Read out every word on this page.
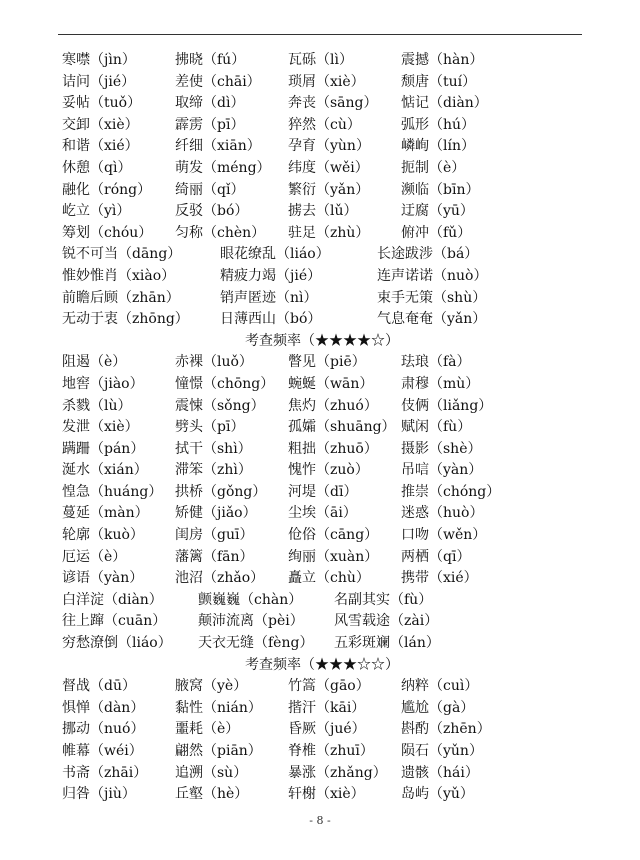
寒噤（jìn）	拂晓（fú）	瓦砾（lì）	震撼（hàn）
诘问（jié）	差使（chāi）	琐屑（xiè）	颓唐（tuí）
妥帖（tuǒ）	取缔（dì）	奔丧（sāng）	惦记（diàn）
交卸（xiè）	霹雳（pī）	猝然（cù）	弧形（hú）
和谐（xié）	纤细（xiān）	孕育（yùn）	嶙峋（lín）
休憩（qì）	萌发（méng）	纬度（wěi）	扼制（è）
融化（róng）	绮丽（qǐ）	繁衍（yǎn）	濒临（bīn）
屹立（yì）	反驳（bó）	掳去（lǔ）	迂腐（yū）
筹划（chóu）	匀称（chèn）	驻足（zhù）	俯冲（fǔ）
锐不可当（dāng）	眼花缭乱（liáo）	长途跋涉（bá）
惟妙惟肖（xiào）	精疲力竭（jié）	连声诺诺（nuò）
前瞻后顾（zhān）	销声匿迹（nì）	束手无策（shù）
无动于衷（zhōng）	日薄西山（bó）	气息奄奄（yǎn）
考查频率（★★★★☆）
阻遏（è）	赤裸（luǒ）	瞥见（piē）	珐琅（fà）
地窖（jiào）	憧憬（chōng） 蜿蜒（wān）	肃穆（mù）
杀戮（lù）	震悚（sǒng）	焦灼（zhuó）	伎俩（liǎng）
发泄（xiè）	劈头（pī）	孤孀（shuāng） 赋闲（fù）
蹒跚（pán）	拭干（shì）	粗拙（zhuō）	摄影（shè）
涎水（xián）	滞笨（zhì）	愧怍（zuò）	吊唁（yàn）
惶急（huáng） 拱桥（gǒng）	河堤（dī）	推崇（chóng）
蔓延（màn）	矫健（jiǎo）	尘埃（āi）	迷惑（huò）
轮廓（kuò）	闺房（guī）	伧俗（cāng）	口吻（wěn）
厄运（è）	藩篱（fān）	绚丽（xuàn）	两栖（qī）
谚语（yàn）	池沼（zhǎo）	矗立（chù）	携带（xié）
白洋淀（diàn）	颤巍巍（chàn）	名副其实（fù）
往上蹿（cuān）	颠沛流离（pèi）	风雪载途（zài）
穷愁潦倒（liáo）	天衣无缝（fèng）	五彩斑斓（lán）
考查频率（★★★☆☆）
督战（dū）	腋窝（yè）	竹篙（gāo）	纳粹（cuì）
惧惮（dàn）	黏性（nián）	揩汗（kāi）	尴尬（gà）
挪动（nuó）	噩耗（è）	昏厥（jué）	斟酌（zhēn）
帷幕（wéi）	翩然（piān）	脊椎（zhuī）	陨石（yǔn）
书斋（zhāi）	追溯（sù）	暴涨（zhǎng）	遗骸（hái）
归咎（jiù）	丘壑（hè）	轩榭（xiè）	岛屿（yǔ）
- 8 -
